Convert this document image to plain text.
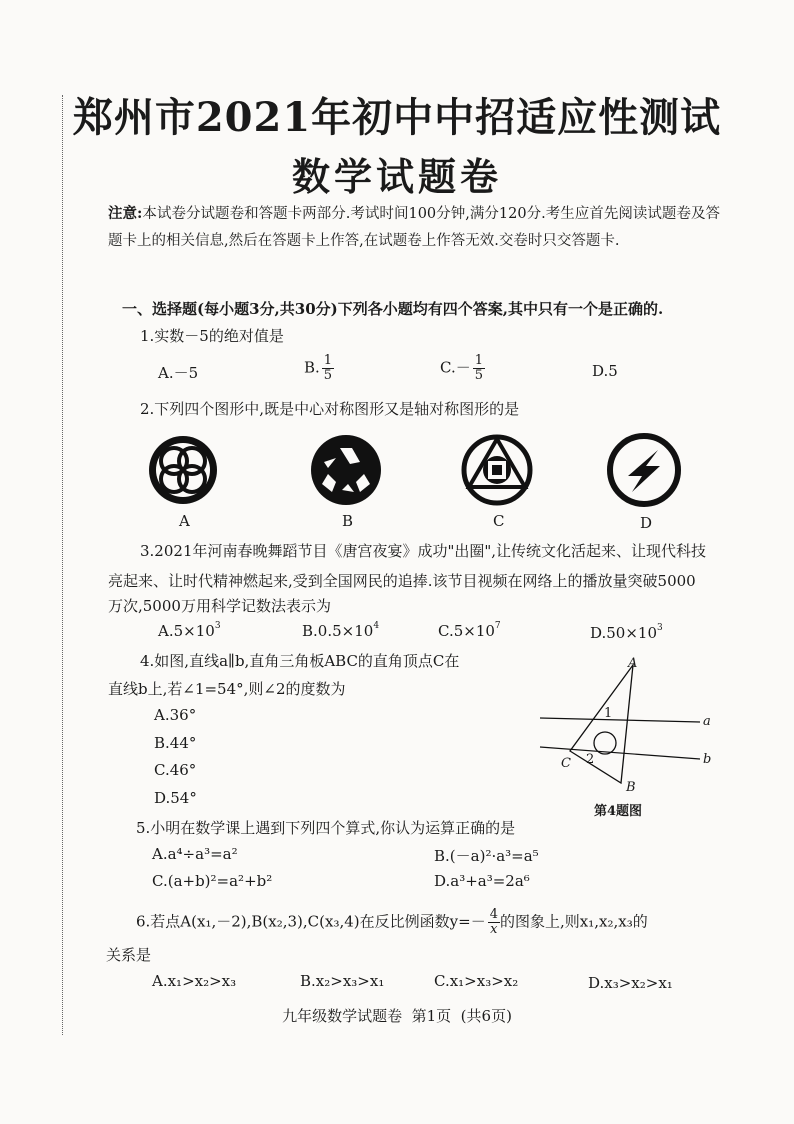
郑州市2021年初中中招适应性测试
数学试题卷
注意:本试卷分试题卷和答题卡两部分.考试时间100分钟,满分120分.考生应首先阅读试题卷及答题卡上的相关信息,然后在答题卡上作答,在试题卷上作答无效.交卷时只交答题卡.
一、选择题(每小题3分,共30分)下列各小题均有四个答案,其中只有一个是正确的.
1.实数－5的绝对值是
A.－5	B. $\frac{1}{5}$	$C.- \frac{1}{5}$	D.5
2.下列四个图形中,既是中心对称图形又是轴对称图形的是
A	B	C	D
3.2021年河南春晚舞蹈节目《唐宫夜宴》成功"出圈",让传统文化活起来、让现代科技
亮起来、让时代精神燃起来,受到全国网民的追捧.该节目视频在网络上的播放量突破5000
万次,5000万用科学记数法表示为
$A.5\times 10^3$	$B.0.5\times 10^4$	$C.5\times 10^7$	$D.50\times 10^3$
4.如图,直线a∥b,直角三角板ABC的直角顶点C在
直线b上,若∠1=54°,则∠2的度数为
A.36°
B.44°
C.46°
D.54°
A
1
a
b
C 2
B
第4题图
5.小明在数学课上遇到下列四个算式,你认为运算正确的是
A.a⁴÷a³=a²	B.(－a)²·a³=a⁵
C.(a+b)²=a²+b²	D.a³+a³=2a⁶
6.若点A(x₁,－2),B(x₂,3),C(x₃,4)在反比例函数$y=- \frac{4}{x}$ 的图象上,则x₁,x₂,x₃的
关系是
A.x₁>x₂>x₃	B.x₂>x₃>x₁	C.x₁>x₃>x₂	D.x₃>x₂>x₁
九年级数学试题卷  第1页  (共6页)
